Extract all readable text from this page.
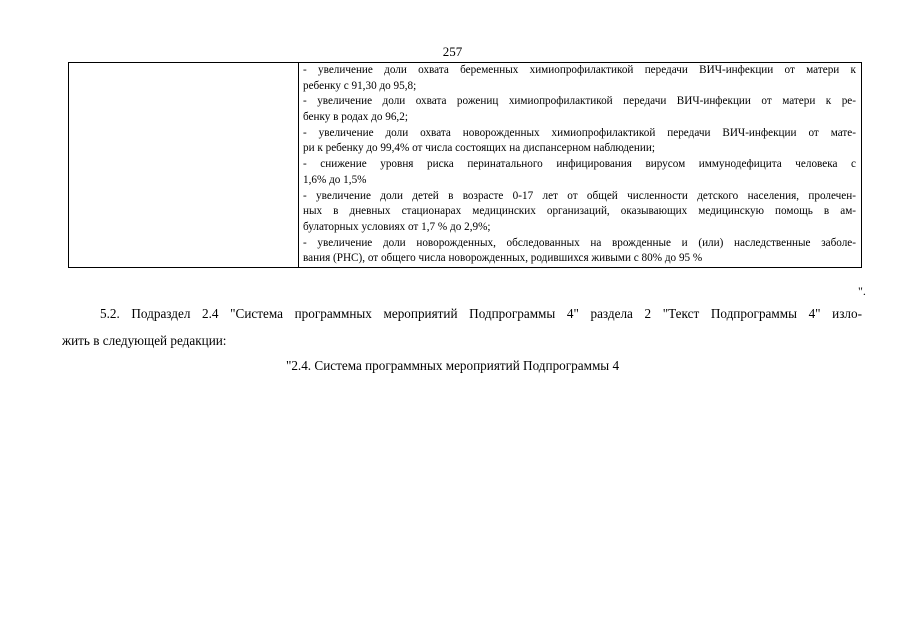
257

- увеличение доли охвата беременных химиопрофилактикой передачи ВИЧ-инфекции от матери к
ребенку с 91,30 до 95,8;
- увеличение доли охвата рожениц химиопрофилактикой передачи ВИЧ-инфекции от матери к ре-
бенку в родах до 96,2;
- увеличение доли охвата новорожденных химиопрофилактикой передачи ВИЧ-инфекции от мате-
ри к ребенку до 99,4% от числа состоящих на диспансерном наблюдении;
- снижение уровня риска перинатального инфицирования вирусом иммунодефицита человека с
1,6% до 1,5%
- увеличение доли детей в возрасте 0-17 лет от общей численности детского населения, пролечен-
ных в дневных стационарах медицинских организаций, оказывающих медицинскую помощь в ам-
булаторных условиях от 1,7 % до 2,9%;
- увеличение доли новорожденных, обследованных на врожденные и (или) наследственные заболе-
вания (РНС), от общего числа новорожденных, родившихся живыми с 80% до 95 %
".
5.2. Подраздел 2.4 "Система программных мероприятий Подпрограммы 4" раздела 2 "Текст Подпрограммы 4" изло-
жить в следующей редакции:
"2.4. Система программных мероприятий Подпрограммы 4
